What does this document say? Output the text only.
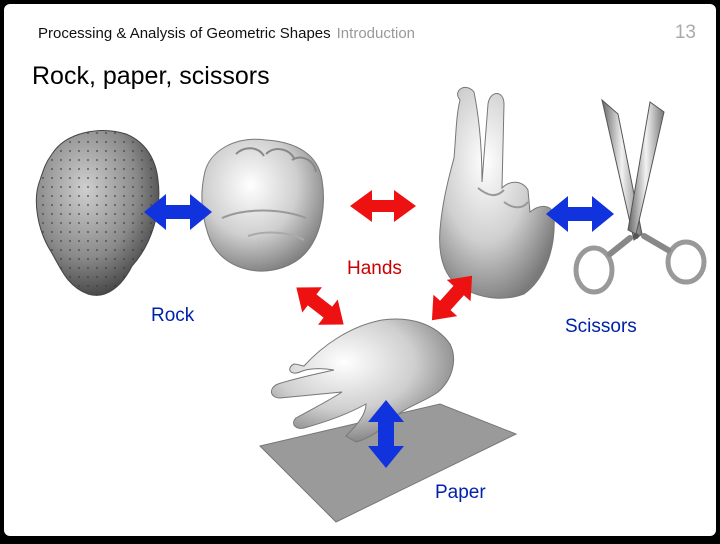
Processing & Analysis of Geometric Shapes Introduction	13
Rock, paper, scissors
Hands
Rock
Scissors
Paper
